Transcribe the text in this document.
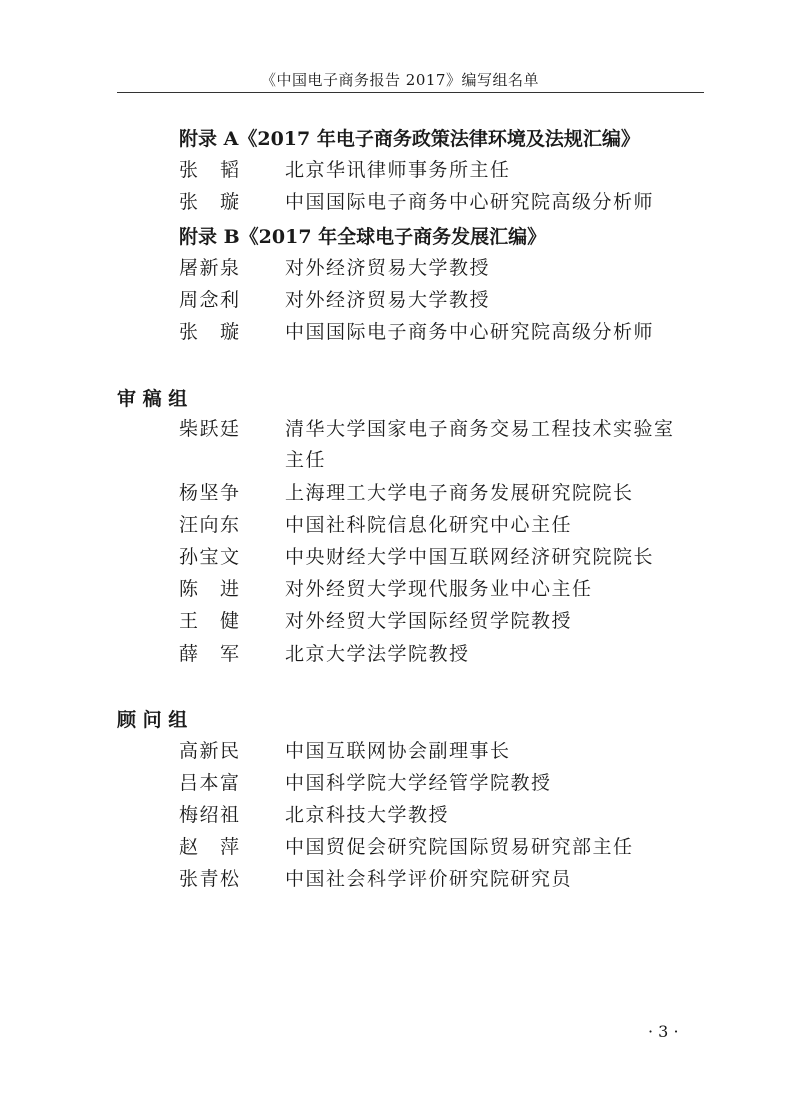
《中国电子商务报告 2017》编写组名单
附录 A《2017 年电子商务政策法律环境及法规汇编》
张　韬	北京华讯律师事务所主任
张　璇	中国国际电子商务中心研究院高级分析师
附录 B《2017 年全球电子商务发展汇编》
屠新泉	对外经济贸易大学教授
周念利	对外经济贸易大学教授
张　璇	中国国际电子商务中心研究院高级分析师
审 稿 组
柴跃廷	清华大学国家电子商务交易工程技术实验室主任
杨坚争	上海理工大学电子商务发展研究院院长
汪向东	中国社科院信息化研究中心主任
孙宝文	中央财经大学中国互联网经济研究院院长
陈　进	对外经贸大学现代服务业中心主任
王　健	对外经贸大学国际经贸学院教授
薛　军	北京大学法学院教授
顾 问 组
高新民	中国互联网协会副理事长
吕本富	中国科学院大学经管学院教授
梅绍祖	北京科技大学教授
赵　萍	中国贸促会研究院国际贸易研究部主任
张青松	中国社会科学评价研究院研究员
· 3 ·
